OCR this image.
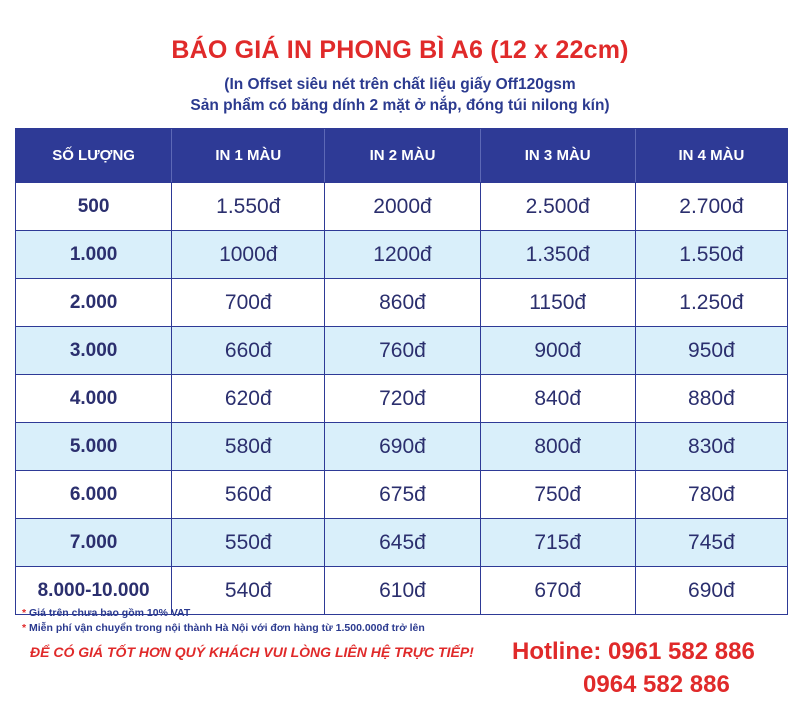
BÁO GIÁ IN PHONG BÌ A6 (12 x 22cm)
(In Offset siêu nét trên chất liệu giấy Off120gsm
Sản phẩm có băng dính 2 mặt ở nắp, đóng túi nilong kín)
SỐ LƯỢNG	IN 1 MÀU	IN 2 MÀU	IN 3 MÀU	IN 4 MÀU
500	1.550đ	2000đ	2.500đ	2.700đ
1.000	1000đ	1200đ	1.350đ	1.550đ
2.000	700đ	860đ	1150đ	1.250đ
3.000	660đ	760đ	900đ	950đ
4.000	620đ	720đ	840đ	880đ
5.000	580đ	690đ	800đ	830đ
6.000	560đ	675đ	750đ	780đ
7.000	550đ	645đ	715đ	745đ
8.000-10.000	540đ	610đ	670đ	690đ
* Giá trên chưa bao gồm 10% VAT
* Miễn phí vận chuyển trong nội thành Hà Nội với đơn hàng từ 1.500.000đ trở lên
ĐỂ CÓ GIÁ TỐT HƠN QUÝ KHÁCH VUI LÒNG LIÊN HỆ TRỰC TIẾP! Hotline: 0961 582 886
0964 582 886
